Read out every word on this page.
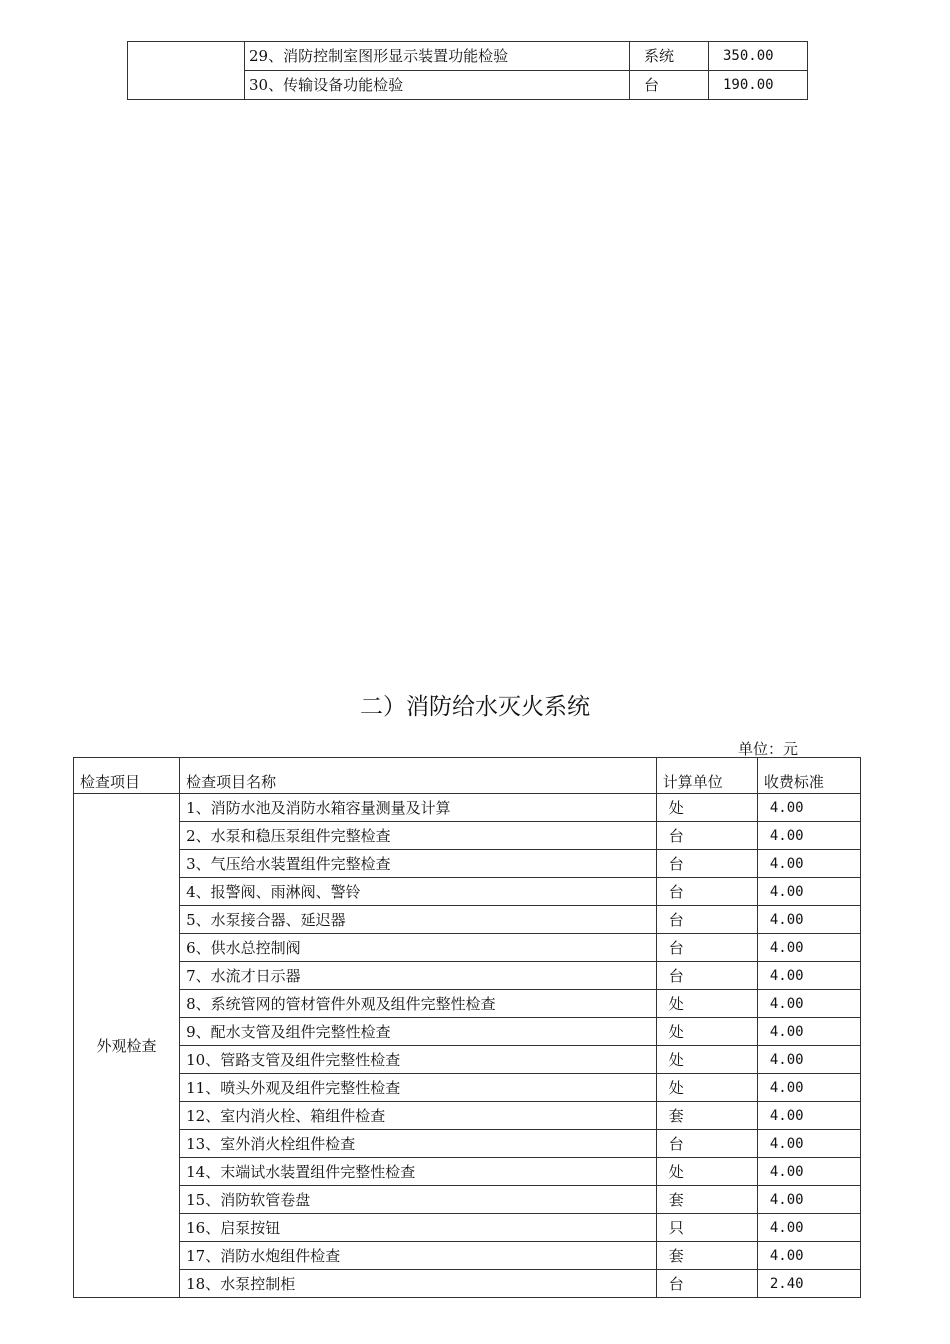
	29、消防控制室图形显示装置功能检验	系统	350.00
	30、传输设备功能检验	台	190.00
二）消防给水灭火系统
单位：元
检查项目	检查项目名称	计算单位	收费标准
外观检查	1、消防水池及消防水箱容量测量及计算	处	4.00
	2、水泵和稳压泵组件完整检查	台	4.00
	3、气压给水装置组件完整检查	台	4.00
	4、报警阀、雨淋阀、警铃	台	4.00
	5、水泵接合器、延迟器	台	4.00
	6、供水总控制阀	台	4.00
	7、水流才日示器	台	4.00
	8、系统管网的管材管件外观及组件完整性检查	处	4.00
	9、配水支管及组件完整性检查	处	4.00
	10、管路支管及组件完整性检查	处	4.00
	11、喷头外观及组件完整性检查	处	4.00
	12、室内消火栓、箱组件检查	套	4.00
	13、室外消火栓组件检查	台	4.00
	14、末端试水装置组件完整性检查	处	4.00
	15、消防软管卷盘	套	4.00
	16、启泵按钮	只	4.00
	17、消防水炮组件检查	套	4.00
	18、水泵控制柜	台	2.40
